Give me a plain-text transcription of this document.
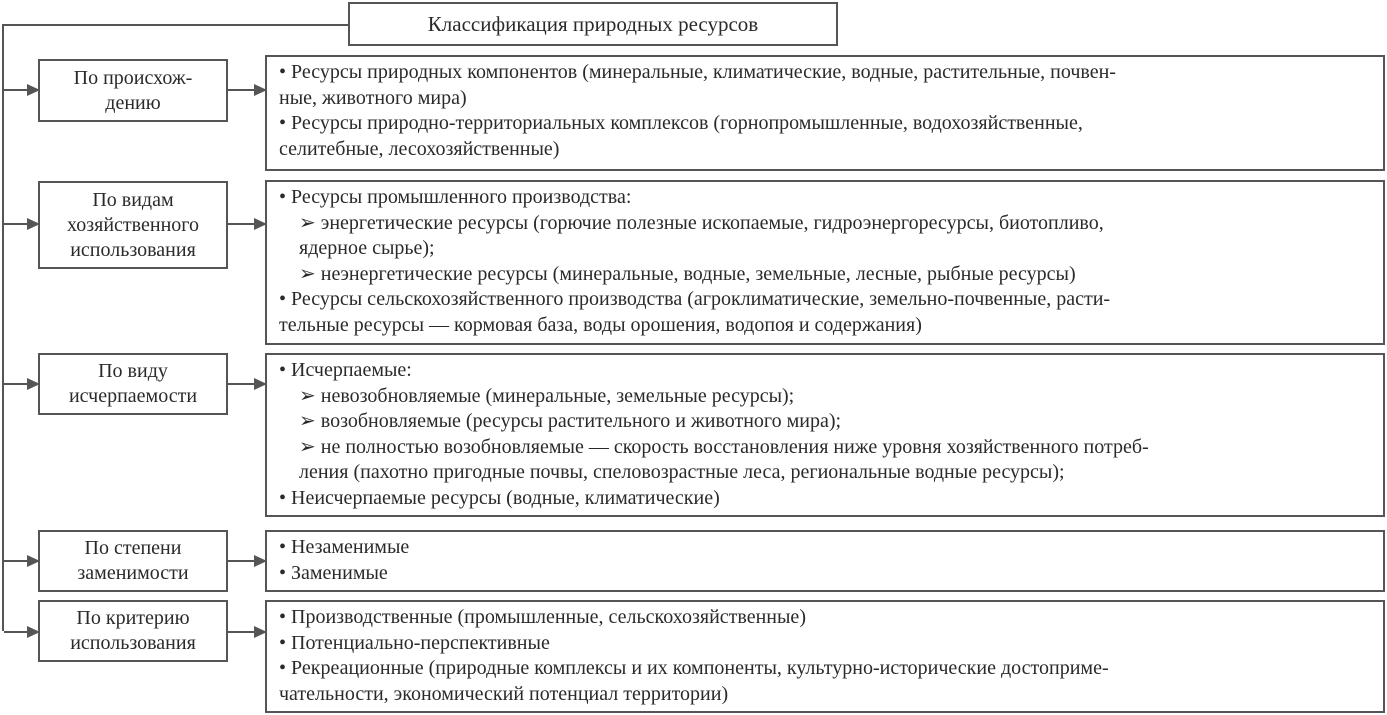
Классификация природных ресурсов
По происхож-
дению
• Ресурсы природных компонентов (минеральные, климатические, водные, растительные, почвен-
ные, животного мира)
• Ресурсы природно-территориальных комплексов (горнопромышленные, водохозяйственные,
селитебные, лесохозяйственные)
По видам
хозяйственного
использования
• Ресурсы промышленного производства:
➢ энергетические ресурсы (горючие полезные ископаемые, гидроэнергоресурсы, биотопливо,
ядерное сырье);
➢ неэнергетические ресурсы (минеральные, водные, земельные, лесные, рыбные ресурсы)
• Ресурсы сельскохозяйственного производства (агроклиматические, земельно-почвенные, расти-
тельные ресурсы — кормовая база, воды орошения, водопоя и содержания)
По виду
исчерпаемости
• Исчерпаемые:
➢ невозобновляемые (минеральные, земельные ресурсы);
➢ возобновляемые (ресурсы растительного и животного мира);
➢ не полностью возобновляемые — скорость восстановления ниже уровня хозяйственного потреб-
ления (пахотно пригодные почвы, спеловозрастные леса, региональные водные ресурсы);
• Неисчерпаемые ресурсы (водные, климатические)
По степени
заменимости
• Незаменимые
• Заменимые
По критерию
использования
• Производственные (промышленные, сельскохозяйственные)
• Потенциально-перспективные
• Рекреационные (природные комплексы и их компоненты, культурно-исторические достоприме-
чательности, экономический потенциал территории)
